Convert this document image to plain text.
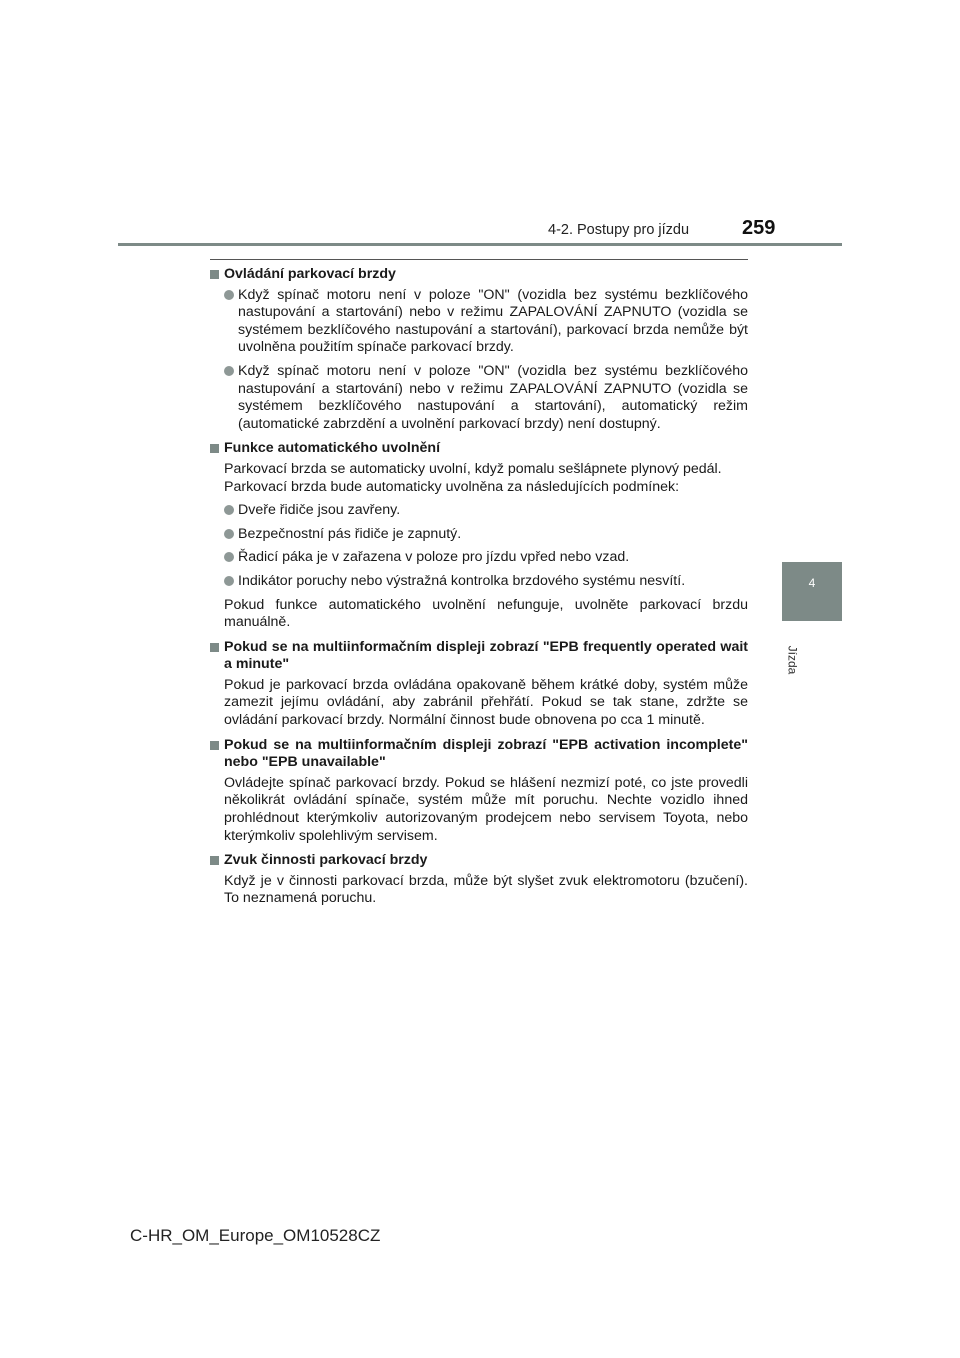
4-2. Postupy pro jízdu	259
4
Jízda
Ovládání parkovací brzdy
Když spínač motoru není v poloze "ON" (vozidla bez systému bezklíčového nastupování a startování) nebo v režimu ZAPALOVÁNÍ ZAPNUTO (vozidla se systémem bezklíčového nastupování a startování), parkovací brzda nemůže být uvolněna použitím spínače parkovací brzdy.
Když spínač motoru není v poloze "ON" (vozidla bez systému bezklíčového nastupování a startování) nebo v režimu ZAPALOVÁNÍ ZAPNUTO (vozidla se systémem bezklíčového nastupování a startování), automatický režim (automatické zabrzdění a uvolnění parkovací brzdy) není dostupný.
Funkce automatického uvolnění
Parkovací brzda se automaticky uvolní, když pomalu sešlápnete plynový pedál.
Parkovací brzda bude automaticky uvolněna za následujících podmínek:
Dveře řidiče jsou zavřeny.
Bezpečnostní pás řidiče je zapnutý.
Řadicí páka je v zařazena v poloze pro jízdu vpřed nebo vzad.
Indikátor poruchy nebo výstražná kontrolka brzdového systému nesvítí.
Pokud funkce automatického uvolnění nefunguje, uvolněte parkovací brzdu manuálně.
Pokud se na multiinformačním displeji zobrazí "EPB frequently operated wait a minute"
Pokud je parkovací brzda ovládána opakovaně během krátké doby, systém může zamezit jejímu ovládání, aby zabránil přehřátí. Pokud se tak stane, zdržte se ovládání parkovací brzdy. Normální činnost bude obnovena po cca 1 minutě.
Pokud se na multiinformačním displeji zobrazí "EPB activation incomplete" nebo "EPB unavailable"
Ovládejte spínač parkovací brzdy. Pokud se hlášení nezmizí poté, co jste provedli několikrát ovládání spínače, systém může mít poruchu. Nechte vozidlo ihned prohlédnout kterýmkoliv autorizovaným prodejcem nebo servisem Toyota, nebo kterýmkoliv spolehlivým servisem.
Zvuk činnosti parkovací brzdy
Když je v činnosti parkovací brzda, může být slyšet zvuk elektromotoru (bzučení). To neznamená poruchu.
C-HR_OM_Europe_OM10528CZ
